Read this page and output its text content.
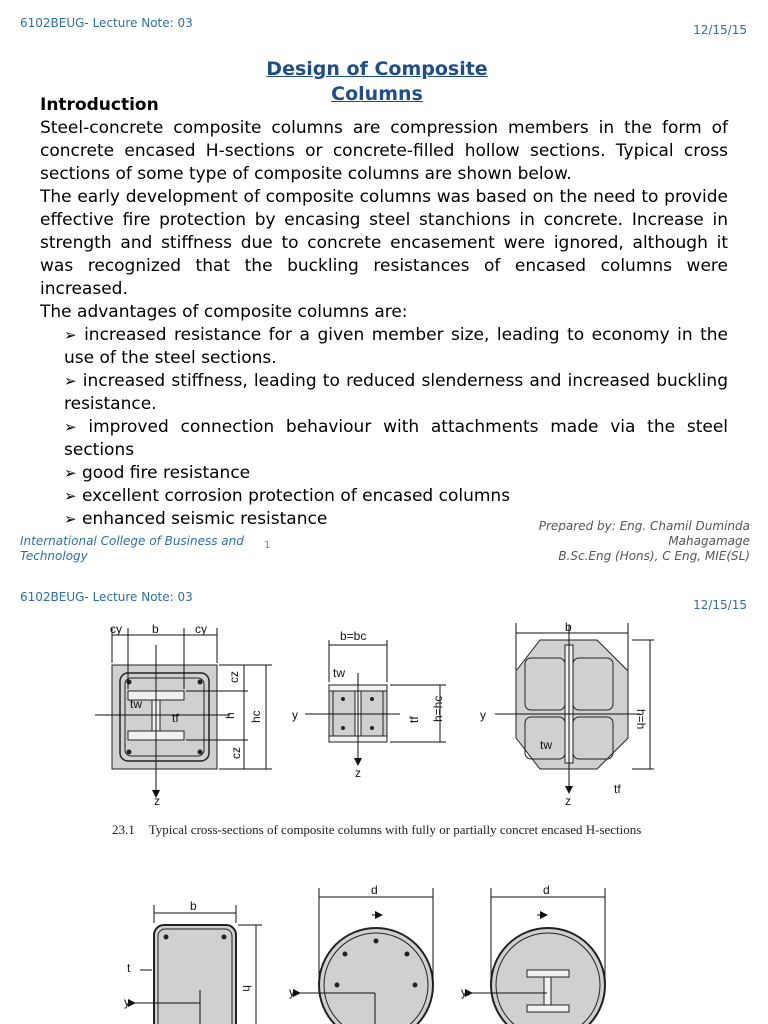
6102BEUG- Lecture Note: 03	12/15/15
Design of Composite
Columns
Introduction

Steel-concrete composite columns are compression members in the form of concrete encased H-sections or concrete-filled hollow sections. Typical cross sections of some type of composite columns are shown below.

The early development of composite columns was based on the need to provide effective fire protection by encasing steel stanchions in concrete. Increase in strength and stiffness due to concrete encasement were ignored, although it was recognized that the buckling resistances of encased columns were increased.

The advantages of composite columns are:

➢ increased resistance for a given member size, leading to economy in the use of the steel sections.
➢ increased stiffness, leading to reduced slenderness and increased buckling resistance.
➢ improved connection behaviour with attachments made via the steel sections
➢ good fire resistance
➢ excellent corrosion protection of encased columns
➢ enhanced seismic resistance
International College of Business and Technology
1
Prepared by: Eng. Chamil Duminda Mahagamage
B.Sc.Eng (Hons), C Eng, MIE(SL)
6102BEUG- Lecture Note: 03
12/15/15
cy	b	cy
cz
h hc
cz
tw
tf
z
b=bc
y
z
tw
tf h=hc
b
y
z
tw
tf
h=h
b
t
y
h
d
y
d
y
23.1 Typical cross-sections of composite columns with fully or partially concret encased H-sections
